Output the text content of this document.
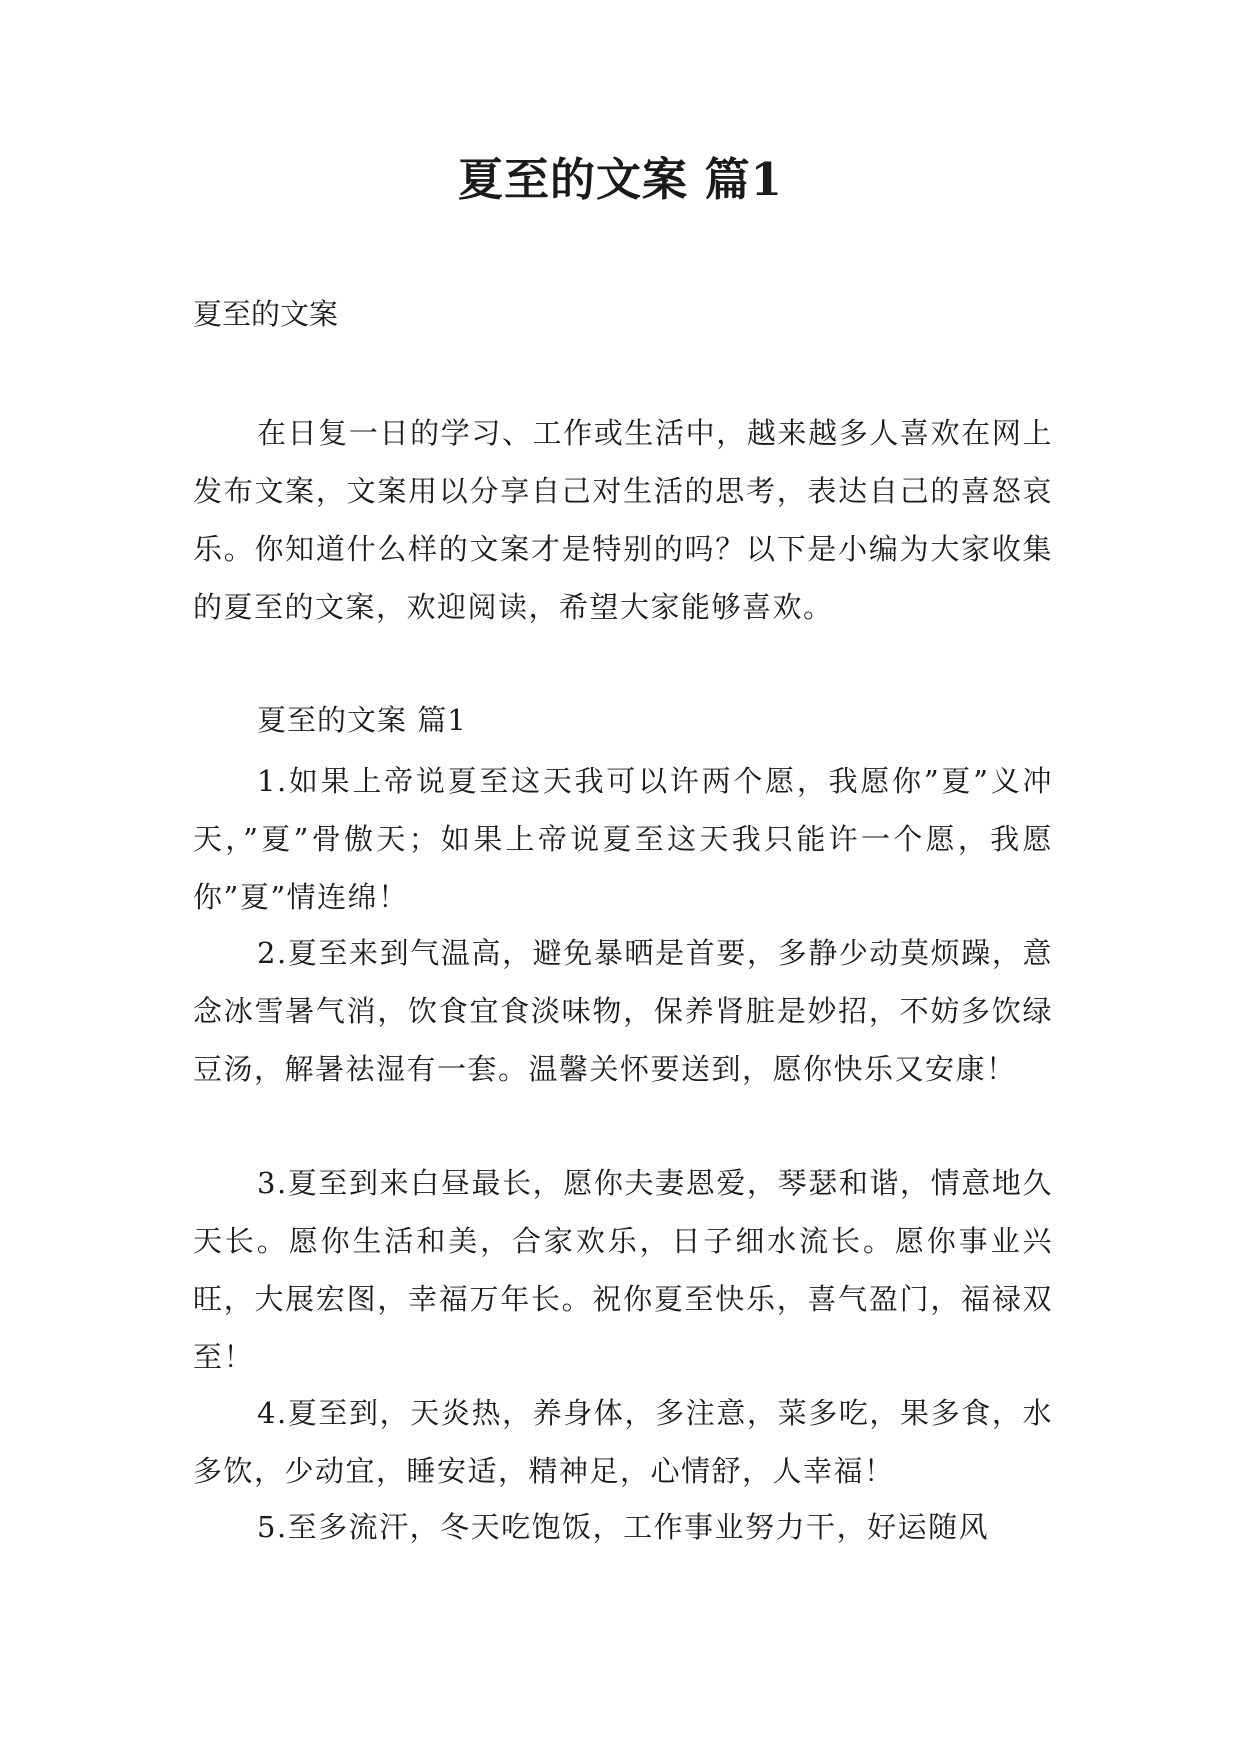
夏至的文案 篇1

夏至的文案

在日复一日的学习、工作或生活中，越来越多人喜欢在网上发布文案，文案用以分享自己对生活的思考，表达自己的喜怒哀乐。你知道什么样的文案才是特别的吗？以下是小编为大家收集的夏至的文案，欢迎阅读，希望大家能够喜欢。

夏至的文案 篇1

1.如果上帝说夏至这天我可以许两个愿，我愿你”夏”义冲天，”夏”骨傲天；如果上帝说夏至这天我只能许一个愿，我愿你”夏”情连绵！

2.夏至来到气温高，避免暴晒是首要，多静少动莫烦躁，意念冰雪暑气消，饮食宜食淡味物，保养肾脏是妙招，不妨多饮绿豆汤，解暑祛湿有一套。温馨关怀要送到，愿你快乐又安康！

3.夏至到来白昼最长，愿你夫妻恩爱，琴瑟和谐，情意地久天长。愿你生活和美，合家欢乐，日子细水流长。愿你事业兴旺，大展宏图，幸福万年长。祝你夏至快乐，喜气盈门，福禄双至！

4.夏至到，天炎热，养身体，多注意，菜多吃，果多食，水多饮，少动宜，睡安适，精神足，心情舒，人幸福！

5.至多流汗，冬天吃饱饭，工作事业努力干，好运随风
